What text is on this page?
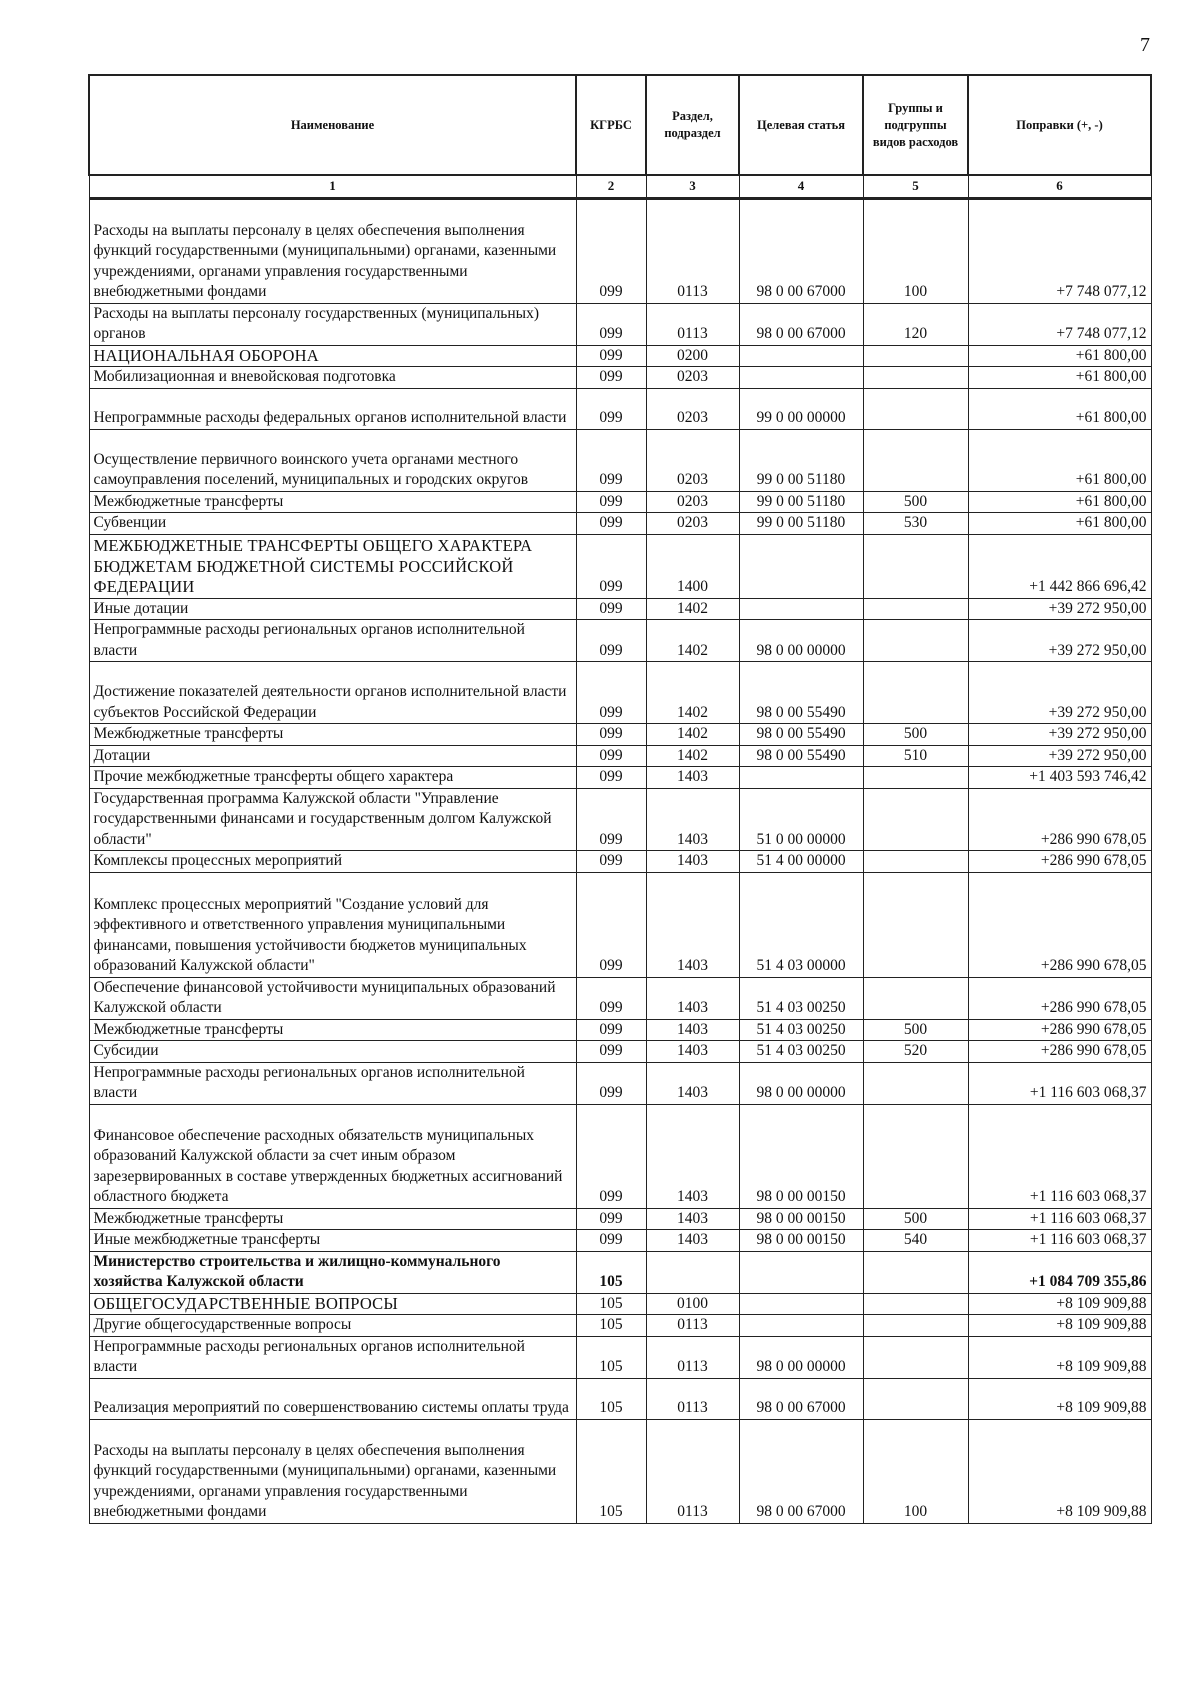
7
Наименование	КГРБС	Раздел, подраздел	Целевая статья	Группы и подгруппы видов расходов	Поправки (+, -)
1	2	3	4	5	6
Расходы на выплаты персоналу в целях обеспечения выполнения функций государственными (муниципальными) органами, казенными учреждениями, органами управления государственными внебюджетными фондами	099	0113	98 0 00 67000	100	+7 748 077,12
Расходы на выплаты персоналу государственных (муниципальных) органов	099	0113	98 0 00 67000	120	+7 748 077,12
НАЦИОНАЛЬНАЯ ОБОРОНА	099	0200			+61 800,00
Мобилизационная и вневойсковая подготовка	099	0203			+61 800,00
Непрограммные расходы федеральных органов исполнительной власти	099	0203	99 0 00 00000		+61 800,00
Осуществление первичного воинского учета органами местного самоуправления поселений, муниципальных и городских округов	099	0203	99 0 00 51180		+61 800,00
Межбюджетные трансферты	099	0203	99 0 00 51180	500	+61 800,00
Субвенции	099	0203	99 0 00 51180	530	+61 800,00
МЕЖБЮДЖЕТНЫЕ ТРАНСФЕРТЫ ОБЩЕГО ХАРАКТЕРА БЮДЖЕТАМ БЮДЖЕТНОЙ СИСТЕМЫ РОССИЙСКОЙ ФЕДЕРАЦИИ	099	1400			+1 442 866 696,42
Иные дотации	099	1402			+39 272 950,00
Непрограммные расходы региональных органов исполнительной власти	099	1402	98 0 00 00000		+39 272 950,00
Достижение показателей деятельности органов исполнительной власти субъектов Российской Федерации	099	1402	98 0 00 55490		+39 272 950,00
Межбюджетные трансферты	099	1402	98 0 00 55490	500	+39 272 950,00
Дотации	099	1402	98 0 00 55490	510	+39 272 950,00
Прочие межбюджетные трансферты общего характера	099	1403			+1 403 593 746,42
Государственная программа Калужской области "Управление государственными финансами и государственным долгом Калужской области"	099	1403	51 0 00 00000		+286 990 678,05
Комплексы процессных мероприятий	099	1403	51 4 00 00000		+286 990 678,05
Комплекс процессных мероприятий "Создание условий для эффективного и ответственного управления муниципальными финансами, повышения устойчивости бюджетов муниципальных образований Калужской области"	099	1403	51 4 03 00000		+286 990 678,05
Обеспечение финансовой устойчивости муниципальных образований Калужской области	099	1403	51 4 03 00250		+286 990 678,05
Межбюджетные трансферты	099	1403	51 4 03 00250	500	+286 990 678,05
Субсидии	099	1403	51 4 03 00250	520	+286 990 678,05
Непрограммные расходы региональных органов исполнительной власти	099	1403	98 0 00 00000		+1 116 603 068,37
Финансовое обеспечение расходных обязательств муниципальных образований Калужской области за счет иным образом зарезервированных в составе утвержденных бюджетных ассигнований областного бюджета	099	1403	98 0 00 00150		+1 116 603 068,37
Межбюджетные трансферты	099	1403	98 0 00 00150	500	+1 116 603 068,37
Иные межбюджетные трансферты	099	1403	98 0 00 00150	540	+1 116 603 068,37
Министерство строительства и жилищно-коммунального хозяйства Калужской области	105				+1 084 709 355,86
ОБЩЕГОСУДАРСТВЕННЫЕ ВОПРОСЫ	105	0100			+8 109 909,88
Другие общегосударственные вопросы	105	0113			+8 109 909,88
Непрограммные расходы региональных органов исполнительной власти	105	0113	98 0 00 00000		+8 109 909,88
Реализация мероприятий по совершенствованию системы оплаты труда	105	0113	98 0 00 67000		+8 109 909,88
Расходы на выплаты персоналу в целях обеспечения выполнения функций государственными (муниципальными) органами, казенными учреждениями, органами управления государственными внебюджетными фондами	105	0113	98 0 00 67000	100	+8 109 909,88
